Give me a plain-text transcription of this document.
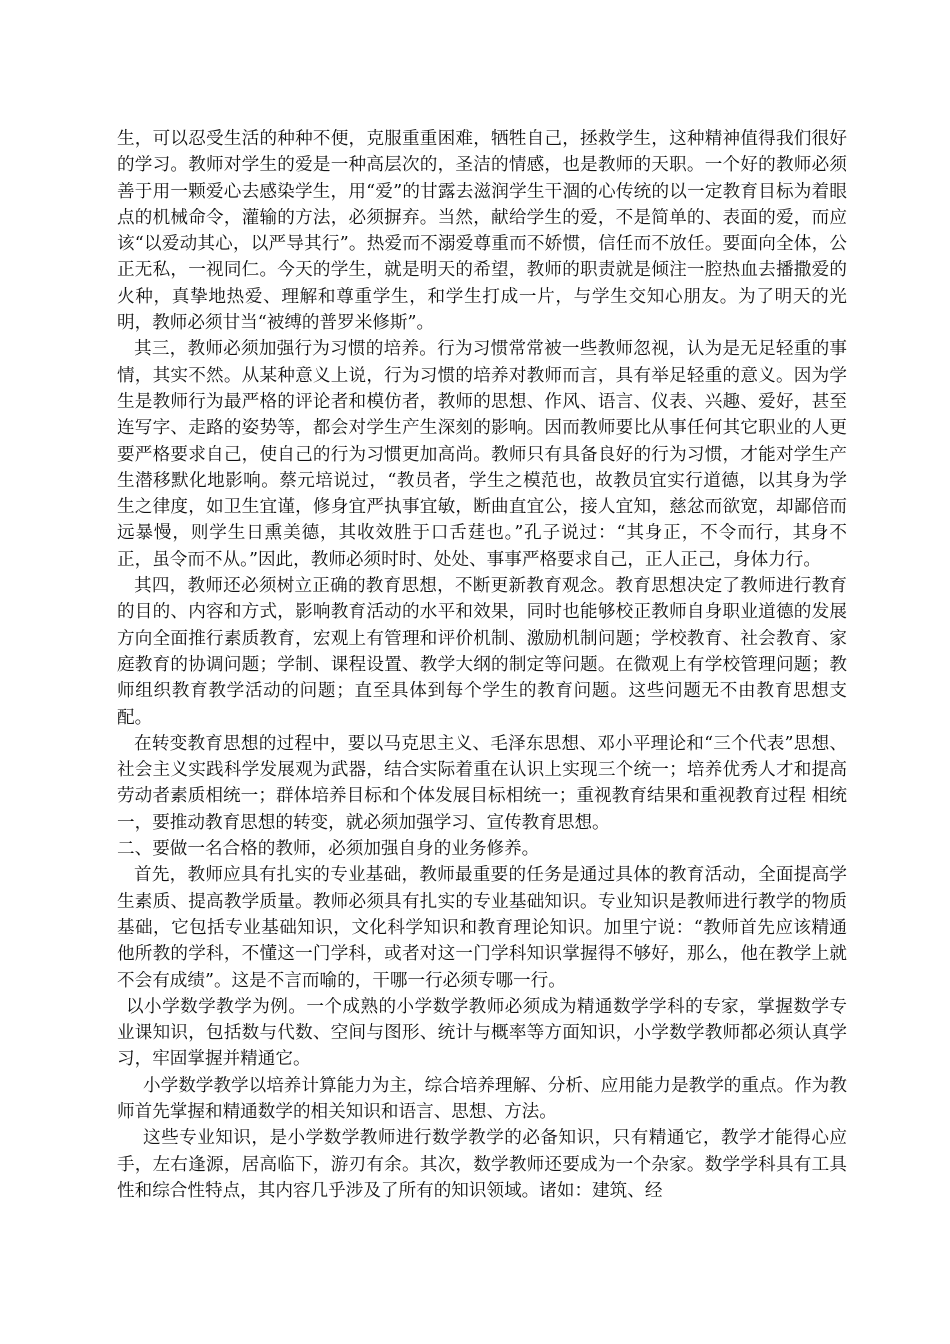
生，可以忍受生活的种种不便，克服重重困难，牺牲自己，拯救学生，这种精神值得我们很好的学习。教师对学生的爱是一种高层次的，圣洁的情感，也是教师的天职。一个好的教师必须善于用一颗爱心去感染学生，用“爱”的甘露去滋润学生干涸的心传统的以一定教育目标为着眼点的机械命令，灌输的方法，必须摒弃。当然，献给学生的爱，不是简单的、表面的爱，而应该“以爱动其心，以严导其行”。热爱而不溺爱尊重而不娇惯，信任而不放任。要面向全体，公正无私，一视同仁。今天的学生，就是明天的希望，教师的职责就是倾注一腔热血去播撒爱的火种，真挚地热爱、理解和尊重学生，和学生打成一片，与学生交知心朋友。为了明天的光明，教师必须甘当“被缚的普罗米修斯”。

其三，教师必须加强行为习惯的培养。行为习惯常常被一些教师忽视，认为是无足轻重的事情，其实不然。从某种意义上说，行为习惯的培养对教师而言，具有举足轻重的意义。因为学生是教师行为最严格的评论者和模仿者，教师的思想、作风、语言、仪表、兴趣、爱好，甚至连写字、走路的姿势等，都会对学生产生深刻的影响。因而教师要比从事任何其它职业的人更要严格要求自己，使自己的行为习惯更加高尚。教师只有具备良好的行为习惯，才能对学生产生潜移默化地影响。蔡元培说过，“教员者，学生之模范也，故教员宜实行道德，以其身为学生之律度，如卫生宜谨，修身宜严执事宜敏，断曲直宜公，接人宜知，慈忿而欲宽，却鄙倍而远暴慢，则学生日熏美德，其收效胜于口舌莛也。”孔子说过：“其身正，不令而行，其身不正，虽令而不从。”因此，教师必须时时、处处、事事严格要求自己，正人正己，身体力行。

其四，教师还必须树立正确的教育思想，不断更新教育观念。教育思想决定了教师进行教育的目的、内容和方式，影响教育活动的水平和效果，同时也能够校正教师自身职业道德的发展方向全面推行素质教育，宏观上有管理和评价机制、激励机制问题；学校教育、社会教育、家庭教育的协调问题；学制、课程设置、教学大纲的制定等问题。在微观上有学校管理问题；教师组织教育教学活动的问题；直至具体到每个学生的教育问题。这些问题无不由教育思想支配。

在转变教育思想的过程中，要以马克思主义、毛泽东思想、邓小平理论和“三个代表”思想、社会主义实践科学发展观为武器，结合实际着重在认识上实现三个统一；培养优秀人才和提高劳动者素质相统一；群体培养目标和个体发展目标相统一；重视教育结果和重视教育过程 相统一，要推动教育思想的转变，就必须加强学习、宣传教育思想。

二、要做一名合格的教师，必须加强自身的业务修养。

首先，教师应具有扎实的专业基础，教师最重要的任务是通过具体的教育活动，全面提高学生素质、提高教学质量。教师必须具有扎实的专业基础知识。专业知识是教师进行教学的物质基础，它包括专业基础知识，文化科学知识和教育理论知识。加里宁说：“教师首先应该精通他所教的学科，不懂这一门学科，或者对这一门学科知识掌握得不够好，那么，他在教学上就不会有成绩”。这是不言而喻的，干哪一行必须专哪一行。

以小学数学教学为例。一个成熟的小学数学教师必须成为精通数学学科的专家，掌握数学专业课知识，包括数与代数、空间与图形、统计与概率等方面知识，小学数学教师都必须认真学习，牢固掌握并精通它。

小学数学教学以培养计算能力为主，综合培养理解、分析、应用能力是教学的重点。作为教师首先掌握和精通数学的相关知识和语言、思想、方法。

这些专业知识，是小学数学教师进行数学教学的必备知识，只有精通它，教学才能得心应手，左右逢源，居高临下，游刃有余。其次，数学教师还要成为一个杂家。数学学科具有工具性和综合性特点，其内容几乎涉及了所有的知识领域。诸如：建筑、经
